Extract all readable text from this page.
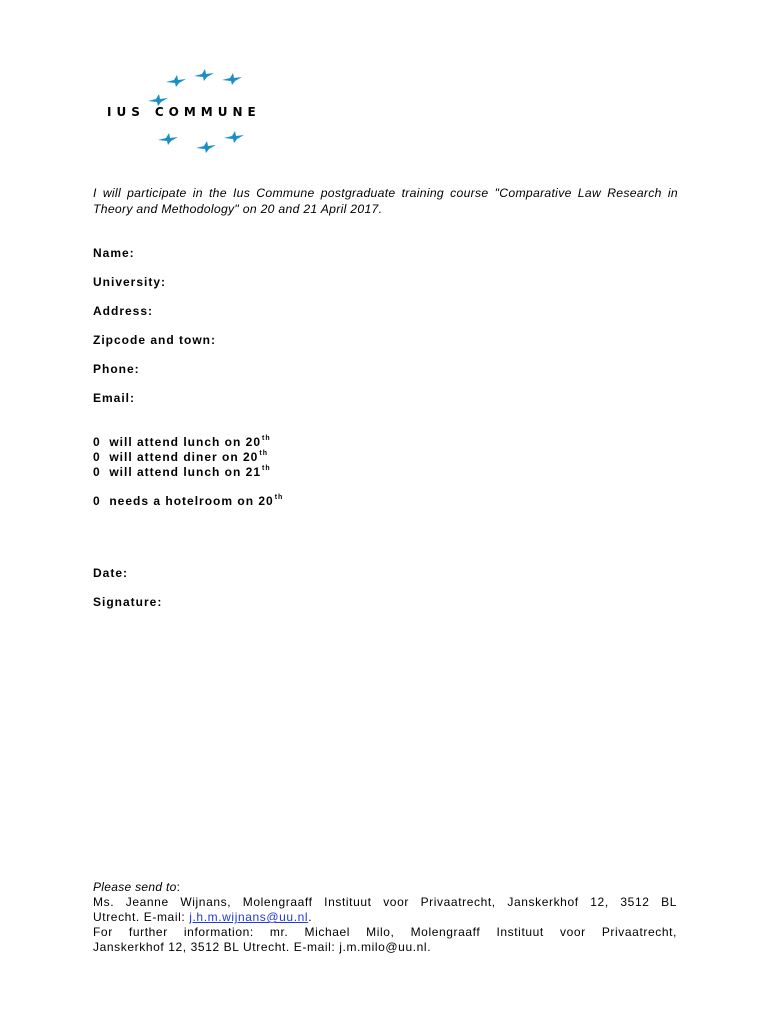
IUS COMMUNE
I will participate in the Ius Commune postgraduate training course "Comparative Law Research in Theory and Methodology" on 20 and 21 April 2017.
Name:
University:
Address:
Zipcode and town:
Phone:
Email:
0  will attend lunch on 20th
0  will attend diner on 20th
0  will attend lunch on 21th
0  needs a hotelroom on 20th
Date:
Signature:
Please send to:
Ms. Jeanne Wijnans, Molengraaff Instituut voor Privaatrecht, Janskerkhof 12, 3512 BL
Utrecht. E-mail: j.h.m.wijnans@uu.nl.
For further information: mr. Michael Milo, Molengraaff Instituut voor Privaatrecht,
Janskerkhof 12, 3512 BL Utrecht. E-mail: j.m.milo@uu.nl.
